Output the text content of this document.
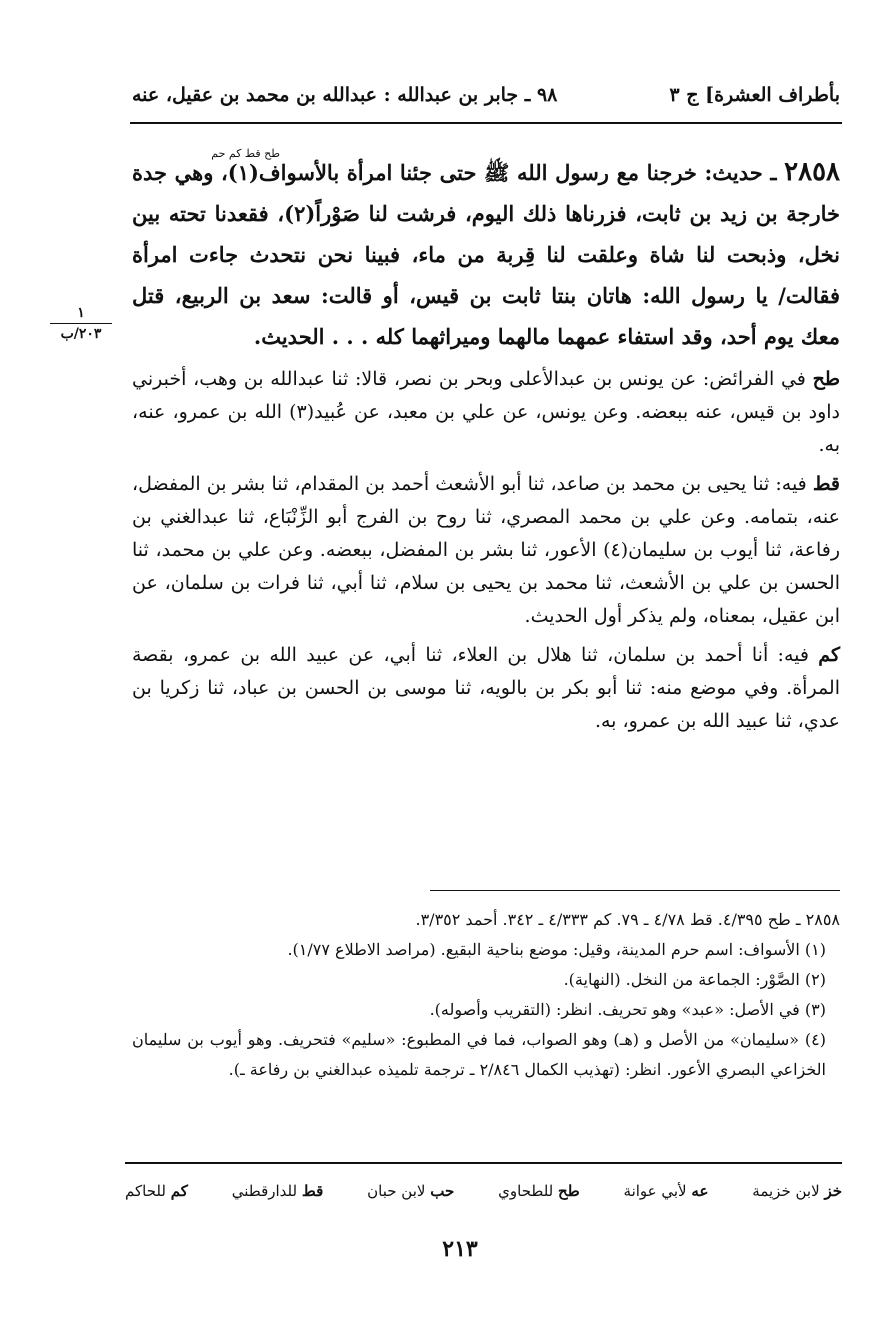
بأطراف العشرة] ج ٣
٩٨ ـ جابر بن عبدالله : عبدالله بن محمد بن عقيل، عنه
١
٢٠٣/ب
طح قط كم حم

٢٨٥٨ ـ حديث: خرجنا مع رسول الله ﷺ حتى جئنا امرأة بالأسواف(١)، وهي جدة خارجة بن زيد بن ثابت، فزرناها ذلك اليوم، فرشت لنا صَوْراً(٢)، فقعدنا تحته بين نخل، وذبحت لنا شاة وعلقت لنا قِربة من ماء، فبينا نحن نتحدث جاءت امرأة فقالت/ يا رسول الله: هاتان بنتا ثابت بن قيس، أو قالت: سعد بن الربيع، قتل معك يوم أحد، وقد استفاء عمهما مالهما وميراثهما كله . . . الحديث.

طح في الفرائض: عن يونس بن عبدالأعلى وبحر بن نصر، قالا: ثنا عبدالله بن وهب، أخبرني داود بن قيس، عنه ببعضه. وعن يونس، عن علي بن معبد، عن عُبيد(٣) الله بن عمرو، عنه، به.

قط فيه: ثنا يحيى بن محمد بن صاعد، ثنا أبو الأشعث أحمد بن المقدام، ثنا بشر بن المفضل، عنه، بتمامه. وعن علي بن محمد المصري، ثنا روح بن الفرج أبو الزِّنْبَاع، ثنا عبدالغني بن رفاعة، ثنا أيوب بن سليمان(٤) الأعور، ثنا بشر بن المفضل، ببعضه. وعن علي بن محمد، ثنا الحسن بن علي بن الأشعث، ثنا محمد بن يحيى بن سلام، ثنا أبي، ثنا فرات بن سلمان، عن ابن عقيل، بمعناه، ولم يذكر أول الحديث.

كم فيه: أنا أحمد بن سلمان، ثنا هلال بن العلاء، ثنا أبي، عن عبيد الله بن عمرو، بقصة المرأة. وفي موضع منه: ثنا أبو بكر بن بالويه، ثنا موسى بن الحسن بن عباد، ثنا زكريا بن عدي، ثنا عبيد الله بن عمرو، به.

٢٨٥٨ ـ طح ٤/٣٩٥. قط ٤/٧٨ ـ ٧٩. كم ٤/٣٣٣ ـ ٣٤٢. أحمد ٣/٣٥٢.
(١) الأسواف: اسم حرم المدينة، وقيل: موضع بناحية البقيع. (مراصد الاطلاع ١/٧٧).
(٢) الصَّوْر: الجماعة من النخل. (النهاية).
(٣) في الأصل: «عبد» وهو تحريف. انظر: (التقريب وأصوله).
(٤) «سليمان» من الأصل و (هـ) وهو الصواب، فما في المطبوع: «سليم» فتحريف. وهو أيوب بن سليمان الخزاعي البصري الأعور. انظر: (تهذيب الكمال ٢/٨٤٦ ـ ترجمة تلميذه عبدالغني بن رفاعة ـ).
خز لابن خزيمة
عه لأبي عوانة
طح للطحاوي
حب لابن حبان
قط للدارقطني
كم للحاكم
٢١٣
